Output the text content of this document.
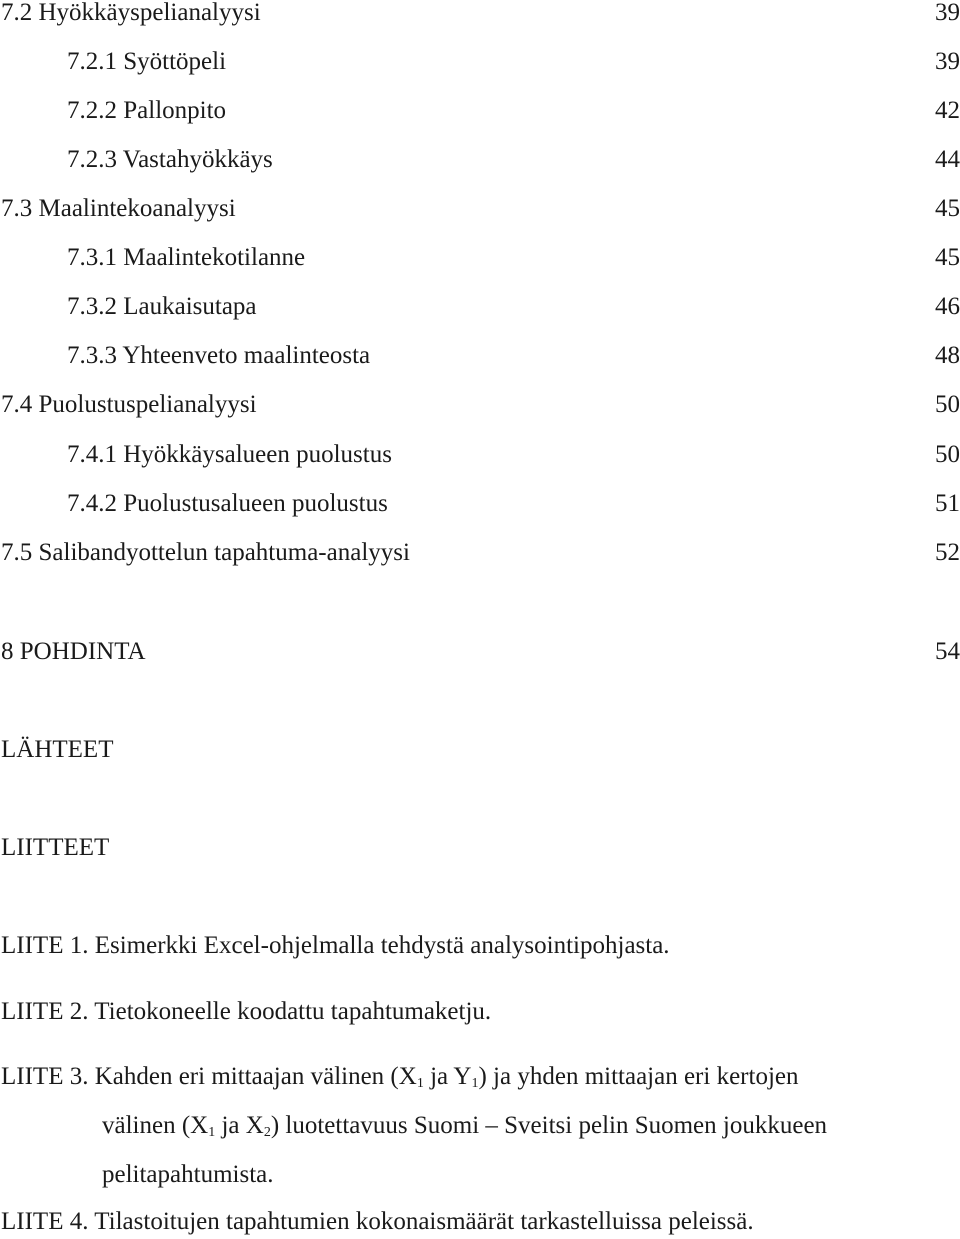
7.2 Hyökkäyspelianalyysi	39
7.2.1 Syöttöpeli	39
7.2.2 Pallonpito	42
7.2.3 Vastahyökkäys	44
7.3 Maalintekoanalyysi	45
7.3.1 Maalintekotilanne	45
7.3.2 Laukaisutapa	46
7.3.3 Yhteenveto maalinteosta	48
7.4 Puolustuspelianalyysi	50
7.4.1 Hyökkäysalueen puolustus	50
7.4.2 Puolustusalueen puolustus	51
7.5 Salibandyottelun tapahtuma-analyysi	52
8 POHDINTA	54
LÄHTEET
LIITTEET
LIITE 1. Esimerkki Excel-ohjelmalla tehdystä analysointipohjasta.
LIITE 2. Tietokoneelle koodattu tapahtumaketju.
LIITE 3. Kahden eri mittaajan välinen ($X_1$ ja $Y_1$) ja yhden mittaajan eri kertojen
välinen ($X_1$ ja $X_2$) luotettavuus Suomi – Sveitsi pelin Suomen joukkueen
pelitapahtumista.
LIITE 4. Tilastoitujen tapahtumien kokonaismäärät tarkastelluissa peleissä.
